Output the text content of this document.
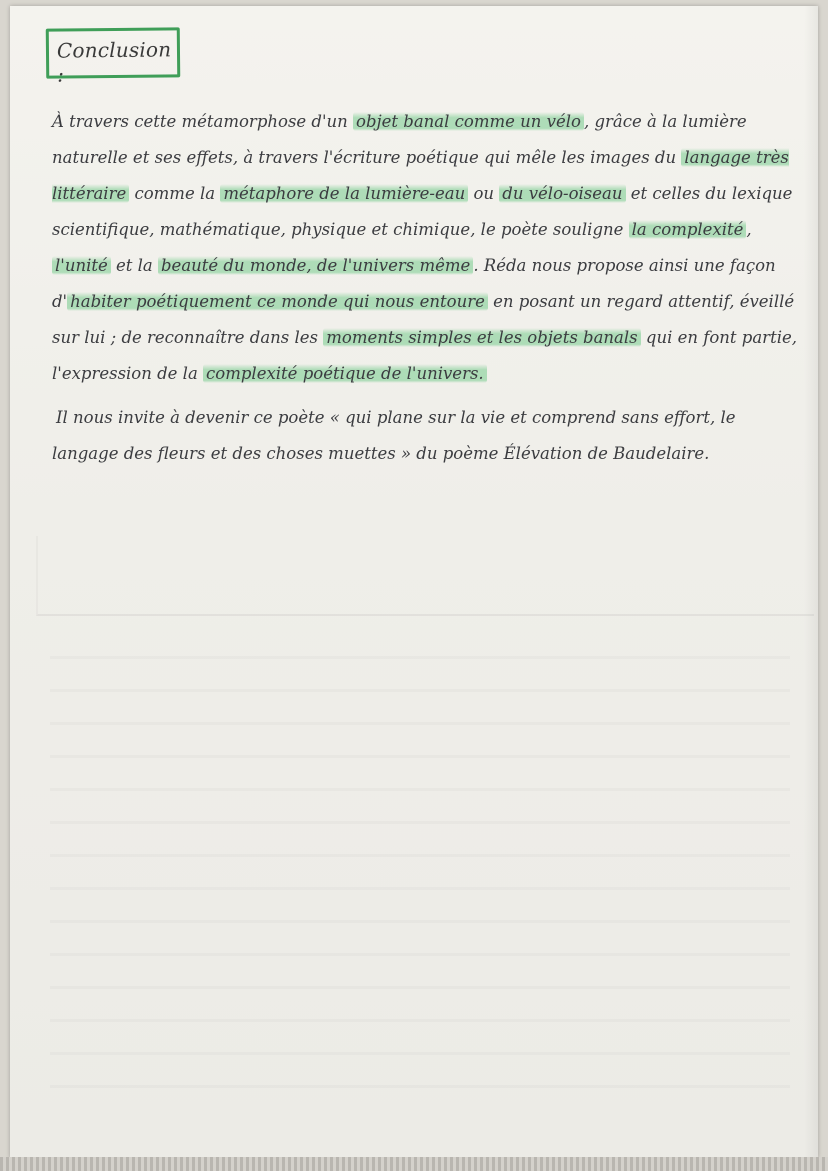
Conclusion :

À travers cette métamorphose d'un objet banal comme un vélo , grâce à la lumière naturelle et ses effets, à travers l'écriture poétique qui mêle les images du langage très littéraire comme la métaphore de la lumière-eau ou du vélo-oiseau et celles du lexique scientifique, mathématique, physique et chimique, le poète souligne la complexité , l'unité et la beauté du monde, de l'univers même . Réda nous propose ainsi une façon d' habiter poétiquement ce monde qui nous entoure en posant un regard attentif, éveillé sur lui ; de reconnaître dans les moments simples et les objets banals qui en font partie, l'expression de la complexité poétique de l'univers.

Il nous invite à devenir ce poète « qui plane sur la vie et comprend sans effort, le langage des fleurs et des choses muettes » du poème Élévation de Baudelaire.
